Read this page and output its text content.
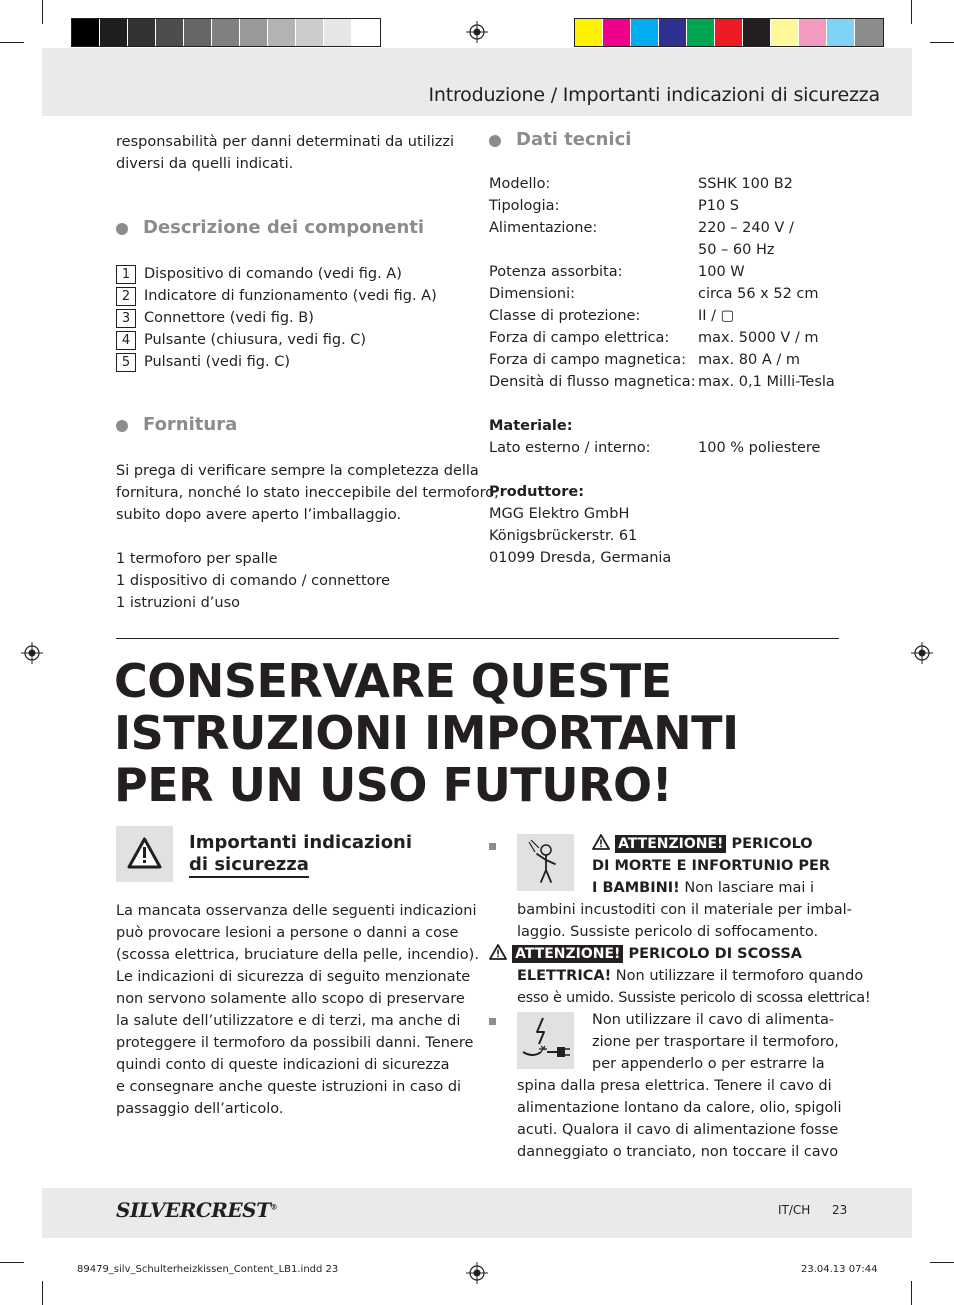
Introduzione / Importanti indicazioni di sicurezza
responsabilità per danni determinati da utilizzi
diversi da quelli indicati.
Descrizione dei componenti
1 Dispositivo di comando (vedi fig. A)
2 Indicatore di funzionamento (vedi fig. A)
3 Connettore (vedi fig. B)
4 Pulsante (chiusura, vedi fig. C)
5 Pulsanti (vedi fig. C)
Fornitura
Si prega di verificare sempre la completezza della
fornitura, nonché lo stato ineccepibile del termoforo,
subito dopo avere aperto l’imballaggio.
1 termoforo per spalle
1 dispositivo di comando / connettore
1 istruzioni d’uso
Dati tecnici
Modello:	SSHK 100 B2
Tipologia:	P10 S
Alimentazione:	220 – 240 V /
50 – 60 Hz
Potenza assorbita:	100 W
Dimensioni:	circa 56 x 52 cm
Classe di protezione:	II / ▢
Forza di campo elettrica: max. 5000 V / m
Forza di campo magnetica: max. 80 A / m
Densità di flusso magnetica: max. 0,1 Milli-Tesla
Materiale:
Lato esterno / interno:	100 % poliestere
Produttore:
MGG Elektro GmbH
Königsbrückerstr. 61
01099 Dresda, Germania
CONSERVARE QUESTE
ISTRUZIONI IMPORTANTI
PER UN USO FUTURO!
Importanti indicazioni
di sicurezza
La mancata osservanza delle seguenti indicazioni
può provocare lesioni a persone o danni a cose
(scossa elettrica, bruciature della pelle, incendio).
Le indicazioni di sicurezza di seguito menzionate
non servono solamente allo scopo di preservare
la salute dell’utilizzatore e di terzi, ma anche di
proteggere il termoforo da possibili danni. Tenere
quindi conto di queste indicazioni di sicurezza
e consegnare anche queste istruzioni in caso di
passaggio dell’articolo.
ATTENZIONE! PERICOLO
DI MORTE E INFORTUNIO PER
I BAMBINI! Non lasciare mai i
bambini incustoditi con il materiale per imbal-
laggio. Sussiste pericolo di soffocamento.
ATTENZIONE! PERICOLO DI SCOSSA
ELETTRICA! Non utilizzare il termoforo quando
esso è umido. Sussiste pericolo di scossa elettrica!
Non utilizzare il cavo di alimenta-
zione per trasportare il termoforo,
per appenderlo o per estrarre la
spina dalla presa elettrica. Tenere il cavo di
alimentazione lontano da calore, olio, spigoli
acuti. Qualora il cavo di alimentazione fosse
danneggiato o tranciato, non toccare il cavo
SILVERCREST®	IT/CH 23
89479_silv_Schulterheizkissen_Content_LB1.indd 23	23.04.13 07:44
